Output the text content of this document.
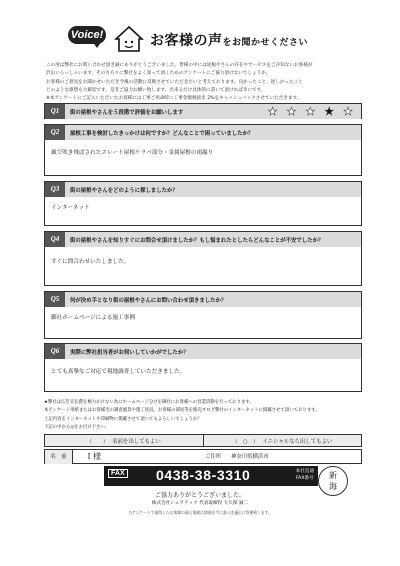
Voice!	お客様の声をお聞かせください

この度は弊社にお問い合わせ頂き誠にありがとうございました。皆様の中には屋根やさんの存在やサービスをご存知ないお客様が

沢山いらっしゃいます。その方方々に弊社をよく知って頂くためのアンケートにご協力頂けないでしょうか。

お客様のご意見をお聞かせいただき今後の活動に反映させていただきたいと考えております。良かったこと、逆しかったこと

どのような感想も大歓迎です。是非ご協力お願い致します。出来るだけ具体的に書いて頂ければ幸いです。

※本アンケートにご記入いただいたお客様には工事ご用命時に工事金額税抜き 2%をキャッシュバックさせていただきます。

Q1	街の屋根やさんを５段階で評価をお願いします	★ ★ ★ ★ ★
Q2	屋根工事を検討したきっかけは何ですか？どんなことで困っていましたか？
風で吹き飛ばされたスレート屋根ケラバ部分・金属屋根の雨漏り
Q3	街の屋根やさんをどのように探しましたか？
インターネット
Q4	街の屋根やさんを知りすぐにお問合せ頂けましたか？もし悩まれたとしたらどんなことが不安でしたか？
すぐに問合わせいたしました。
Q5	何が決め手となり街の屋根やさんにお問い合わせ頂きましたか？
御社ホームページによる施工事例
Q6	実際に弊社担当者がお伺いしていかがでしたか？
とても真摯なご対応で現地調査していただきました。

★弊社は広告宣伝費を極力かけない為にホームページ分けを御社にお客様への営業活動を行っております。

本アンケート用紙またはお客様宅の調査風景や施工状況、お客様の部屋等を販売ブログ弊社のインターネットに掲載させて頂いております。

上記内容をインターネットや印刷物に掲載させて頂いてもよろしいでしょうか？

下記の中から◎をお付け下さい。

（　　） 名前を出してもよい	（　○　） イニシャルなら出してもよい
名　前	Ｉ様	ご住所 神奈川県横浜市
FAX 0438-38-3310	本社直通
FAX番号	新
海
ご協力ありがとうございました。
株式会社シェアテック 代表取締役 大久保 誠二
当アンケートで取得したお客様の個人情報は関係法令に基づき適正に管理致します。
